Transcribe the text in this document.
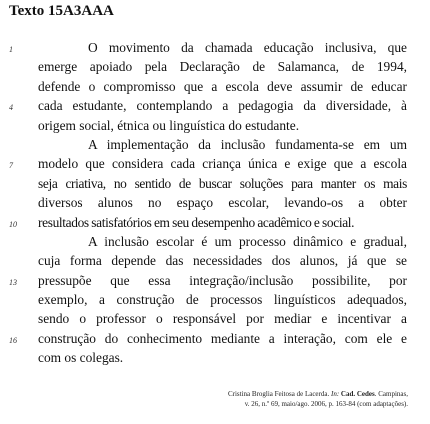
Texto 15A3AAA
1	O movimento da chamada educação inclusiva, que
emerge apoiado pela Declaração de Salamanca, de 1994,
defende o compromisso que a escola deve assumir de educar
4	cada estudante, contemplando a pedagogia da diversidade, à
origem social, étnica ou linguística do estudante.
A implementação da inclusão fundamenta-se em um
7	modelo que considera cada criança única e exige que a escola
seja criativa, no sentido de buscar soluções para manter os mais
diversos alunos no espaço escolar, levando-os a obter
10	resultados satisfatórios em seu desempenho acadêmico e social.
A inclusão escolar é um processo dinâmico e gradual,
cuja forma depende das necessidades dos alunos, já que se
13	pressupõe que essa integração/inclusão possibilite, por
exemplo, a construção de processos linguísticos adequados,
sendo o professor o responsável por mediar e incentivar a
16	construção do conhecimento mediante a interação, com ele e
com os colegas.
Cristina Broglia Feitosa de Lacerda. In: Cad. Cedes. Campinas,
v. 26, n.º 69, maio/ago. 2006, p. 163-84 (com adaptações).
